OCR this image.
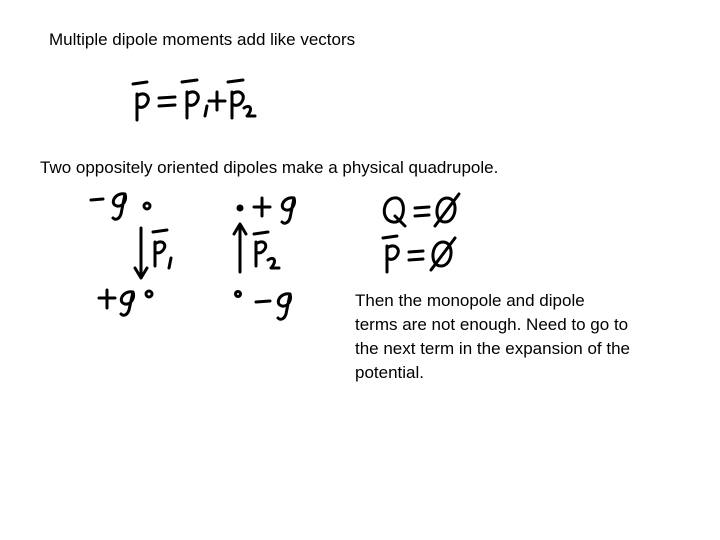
Multiple dipole moments add like vectors
Two oppositely oriented dipoles make a physical quadrupole.
Then the monopole and dipole terms are not enough. Need to go to the next term in the expansion of the potential.
